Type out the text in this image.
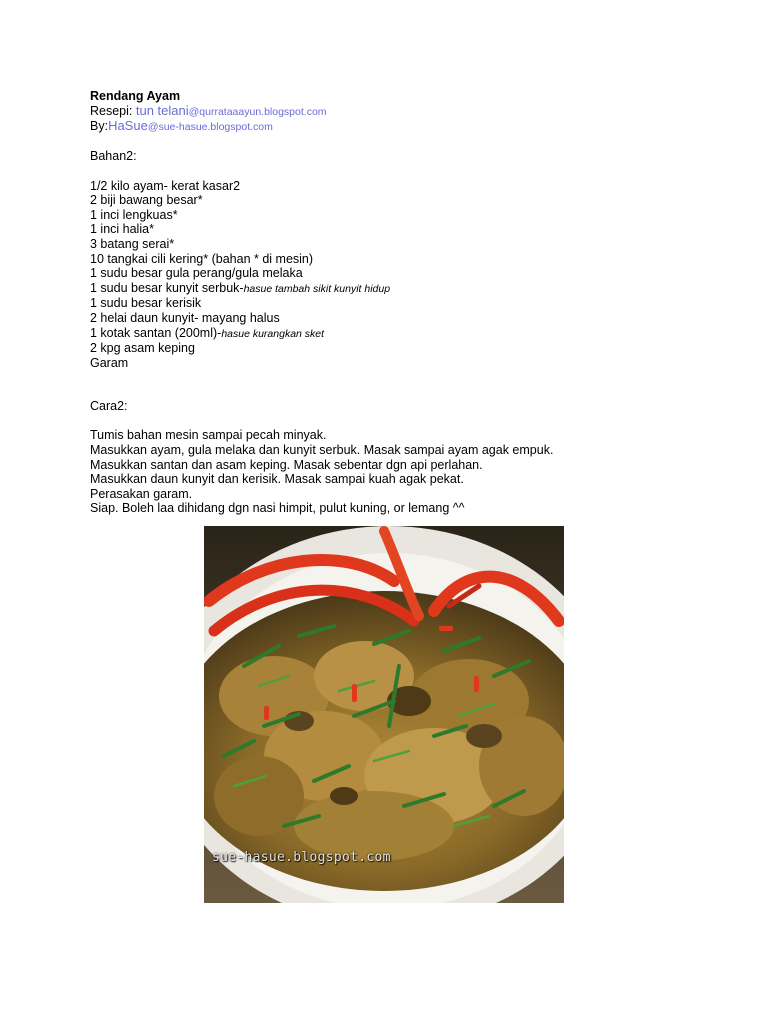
Rendang Ayam
Resepi: tun telani@qurrataaayun.blogspot.com
By:HaSue@sue-hasue.blogspot.com
Bahan2:
1/2 kilo ayam- kerat kasar2
2 biji bawang besar*
1 inci lengkuas*
1 inci halia*
3 batang serai*
10 tangkai cili kering* (bahan * di mesin)
1 sudu besar gula perang/gula melaka
1 sudu besar kunyit serbuk-hasue tambah sikit kunyit hidup
1 sudu besar kerisik
2 helai daun kunyit- mayang halus
1 kotak santan (200ml)-hasue kurangkan sket
2 kpg asam keping
Garam
Cara2:
Tumis bahan mesin sampai pecah minyak.
Masukkan ayam, gula melaka dan kunyit serbuk. Masak sampai ayam agak empuk.
Masukkan santan dan asam keping. Masak sebentar dgn api perlahan.
Masukkan daun kunyit dan kerisik. Masak sampai kuah agak pekat.
Perasakan garam.
Siap. Boleh laa dihidang dgn nasi himpit, pulut kuning, or lemang ^^
sue-hasue.blogspot.com
